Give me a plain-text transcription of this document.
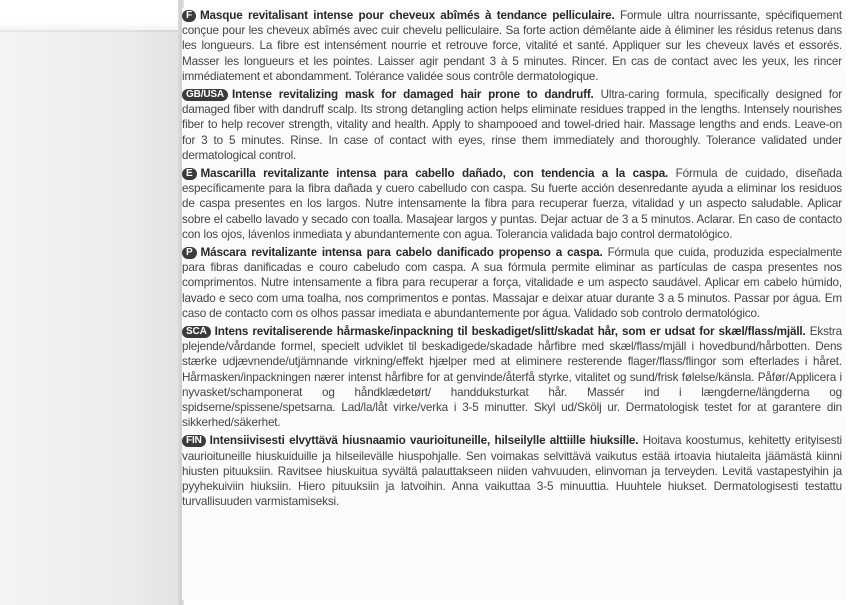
F Masque revitalisant intense pour cheveux abîmés à tendance pelliculaire. Formule ultra nourrissante, spécifiquement conçue pour les cheveux abîmés avec cuir chevelu pelliculaire. Sa forte action démêlante aide à éliminer les résidus retenus dans les longueurs. La fibre est intensément nourrie et retrouve force, vitalité et santé. Appliquer sur les cheveux lavés et essorés. Masser les longueurs et les pointes. Laisser agir pendant 3 à 5 minutes. Rincer. En cas de contact avec les yeux, les rincer immédiatement et abondamment. Tolérance validée sous contrôle dermatologique.

GB/USA Intense revitalizing mask for damaged hair prone to dandruff. Ultra-caring formula, specifically designed for damaged fiber with dandruff scalp. Its strong detangling action helps eliminate residues trapped in the lengths. Intensely nourishes fiber to help recover strength, vitality and health. Apply to shampooed and towel-dried hair. Massage lengths and ends. Leave-on for 3 to 5 minutes. Rinse. In case of contact with eyes, rinse them immediately and thoroughly. Tolerance validated under dermatological control.

E Mascarilla revitalizante intensa para cabello dañado, con tendencia a la caspa. Fórmula de cuidado, diseñada específicamente para la fibra dañada y cuero cabelludo con caspa. Su fuerte acción desenredante ayuda a eliminar los residuos de caspa presentes en los largos. Nutre intensamente la fibra para recuperar fuerza, vitalidad y un aspecto saludable. Aplicar sobre el cabello lavado y secado con toalla. Masajear largos y puntas. Dejar actuar de 3 a 5 minutos. Aclarar. En caso de contacto con los ojos, lávenlos inmediata y abundantemente con agua. Tolerancia validada bajo control dermatológico.

P Máscara revitalizante intensa para cabelo danificado propenso a caspa. Fórmula que cuida, produzida especialmente para fibras danificadas e couro cabeludo com caspa. A sua fórmula permite eliminar as partículas de caspa presentes nos comprimentos. Nutre intensamente a fibra para recuperar a força, vitalidade e um aspecto saudável. Aplicar em cabelo húmido, lavado e seco com uma toalha, nos comprimentos e pontas. Massajar e deixar atuar durante 3 a 5 minutos. Passar por água. Em caso de contacto com os olhos passar imediata e abundantemente por água. Validado sob controlo dermatológico.

SCA Intens revitaliserende hårmaske/inpackning til beskadiget/slitt/skadat hår, som er udsat for skæl/flass/mjäll. Ekstra plejende/vårdande formel, specielt udviklet til beskadigede/skadade hårfibre med skæl/flass/mjäll i hovedbund/hårbotten. Dens stærke udjævnende/utjämnande virkning/effekt hjælper med at eliminere resterende flager/flass/flingor som efterlades i håret. Hårmasken/inpackningen nærer intenst hårfibre for at genvinde/återfå styrke, vitalitet og sund/frisk følelse/känsla. Påfør/Applicera i nyvasket/schamponerat og håndklædetørt/ handduksturkat hår. Massér ind i længderne/längderna og spidserne/spissene/spetsarna. Lad/la/låt virke/verka i 3-5 minutter. Skyl ud/Skölj ur. Dermatologisk testet for at garantere din sikkerhed/säkerhet.

FIN Intensiivisesti elvyttävä hiusnaamio vaurioituneille, hilseilylle alttiille hiuksille. Hoitava koostumus, kehitetty erityisesti vaurioituneille hiuskuiduille ja hilseilevälle hiuspohjalle. Sen voimakas selvittävä vaikutus estää irtoavia hiutaleita jäämästä kiinni hiusten pituuksiin. Ravitsee hiuskuitua syvältä palauttakseen niiden vahvuuden, elinvoman ja terveyden. Levitä vastapestyihin ja pyyhekuiviin hiuksiin. Hiero pituuksiin ja latvoihin. Anna vaikuttaa 3-5 minuuttia. Huuhtele hiukset. Dermatologisesti testattu turvallisuuden varmistamiseksi.
